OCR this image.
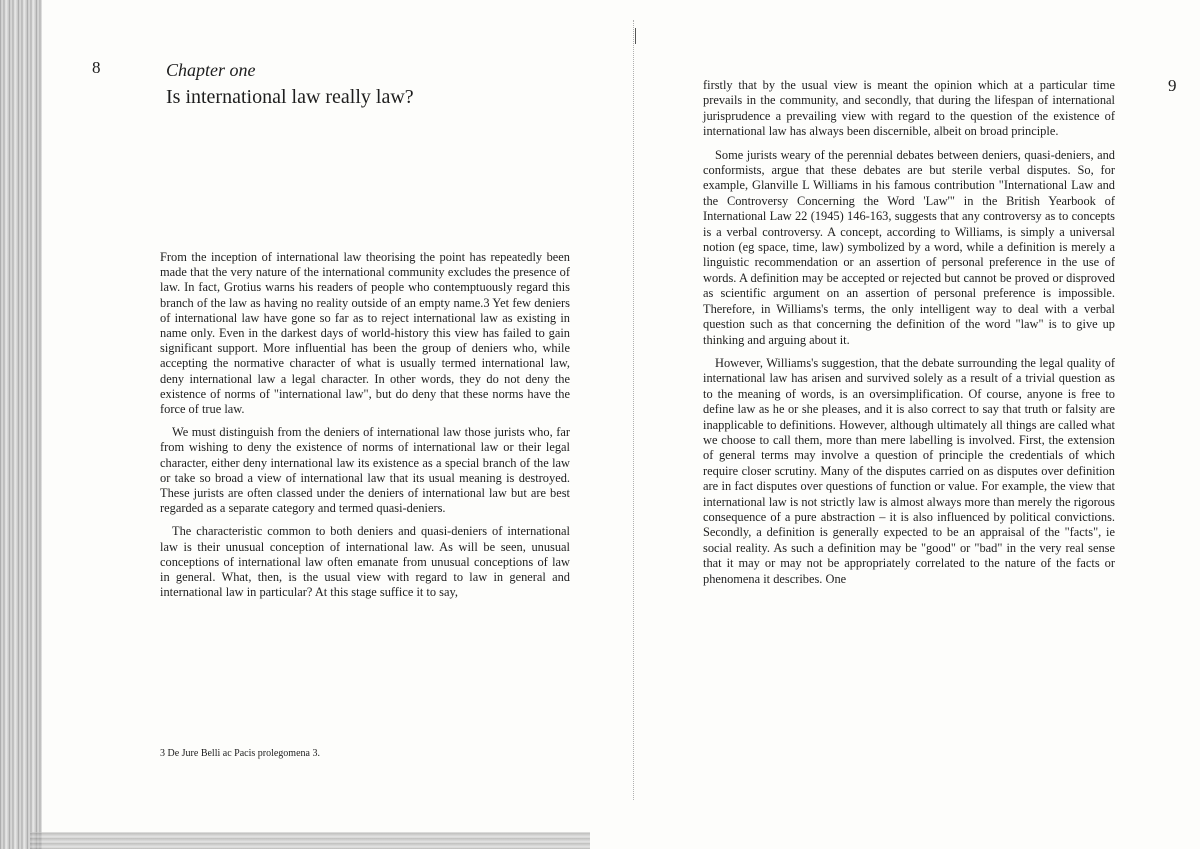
8	Chapter one
Is international law really law?

From the inception of international law theorising the point has repeatedly been made that the very nature of the international community excludes the presence of law. In fact, Grotius warns his readers of people who contemptuously regard this branch of the law as having no reality outside of an empty name.3 Yet few deniers of international law have gone so far as to reject international law as existing in name only. Even in the darkest days of world-history this view has failed to gain significant support. More influential has been the group of deniers who, while accepting the normative character of what is usually termed international law, deny international law a legal character. In other words, they do not deny the existence of norms of "international law", but do deny that these norms have the force of true law.

We must distinguish from the deniers of international law those jurists who, far from wishing to deny the existence of norms of international law or their legal character, either deny international law its existence as a special branch of the law or take so broad a view of international law that its usual meaning is destroyed. These jurists are often classed under the deniers of international law but are best regarded as a separate category and termed quasi-deniers.

The characteristic common to both deniers and quasi-deniers of international law is their unusual conception of international law. As will be seen, unusual conceptions of international law often emanate from unusual conceptions of law in general. What, then, is the usual view with regard to law in general and international law in particular? At this stage suffice it to say,

3 De Jure Belli ac Pacis prolegomena 3.
9

firstly that by the usual view is meant the opinion which at a particular time prevails in the community, and secondly, that during the lifespan of international jurisprudence a prevailing view with regard to the question of the existence of international law has always been discernible, albeit on broad principle.

Some jurists weary of the perennial debates between deniers, quasi-deniers, and conformists, argue that these debates are but sterile verbal disputes. So, for example, Glanville L Williams in his famous contribution "International Law and the Controversy Concerning the Word 'Law'" in the British Yearbook of International Law 22 (1945) 146-163, suggests that any controversy as to concepts is a verbal controversy. A concept, according to Williams, is simply a universal notion (eg space, time, law) symbolized by a word, while a definition is merely a linguistic recommendation or an assertion of personal preference in the use of words. A definition may be accepted or rejected but cannot be proved or disproved as scientific argument on an assertion of personal preference is impossible. Therefore, in Williams's terms, the only intelligent way to deal with a verbal question such as that concerning the definition of the word "law" is to give up thinking and arguing about it.

However, Williams's suggestion, that the debate surrounding the legal quality of international law has arisen and survived solely as a result of a trivial question as to the meaning of words, is an oversimplification. Of course, anyone is free to define law as he or she pleases, and it is also correct to say that truth or falsity are inapplicable to definitions. However, although ultimately all things are called what we choose to call them, more than mere labelling is involved. First, the extension of general terms may involve a question of principle the credentials of which require closer scrutiny. Many of the disputes carried on as disputes over definition are in fact disputes over questions of function or value. For example, the view that international law is not strictly law is almost always more than merely the rigorous consequence of a pure abstraction – it is also influenced by political convictions. Secondly, a definition is generally expected to be an appraisal of the "facts", ie social reality. As such a definition may be "good" or "bad" in the very real sense that it may or may not be appropriately correlated to the nature of the facts or phenomena it describes. One
